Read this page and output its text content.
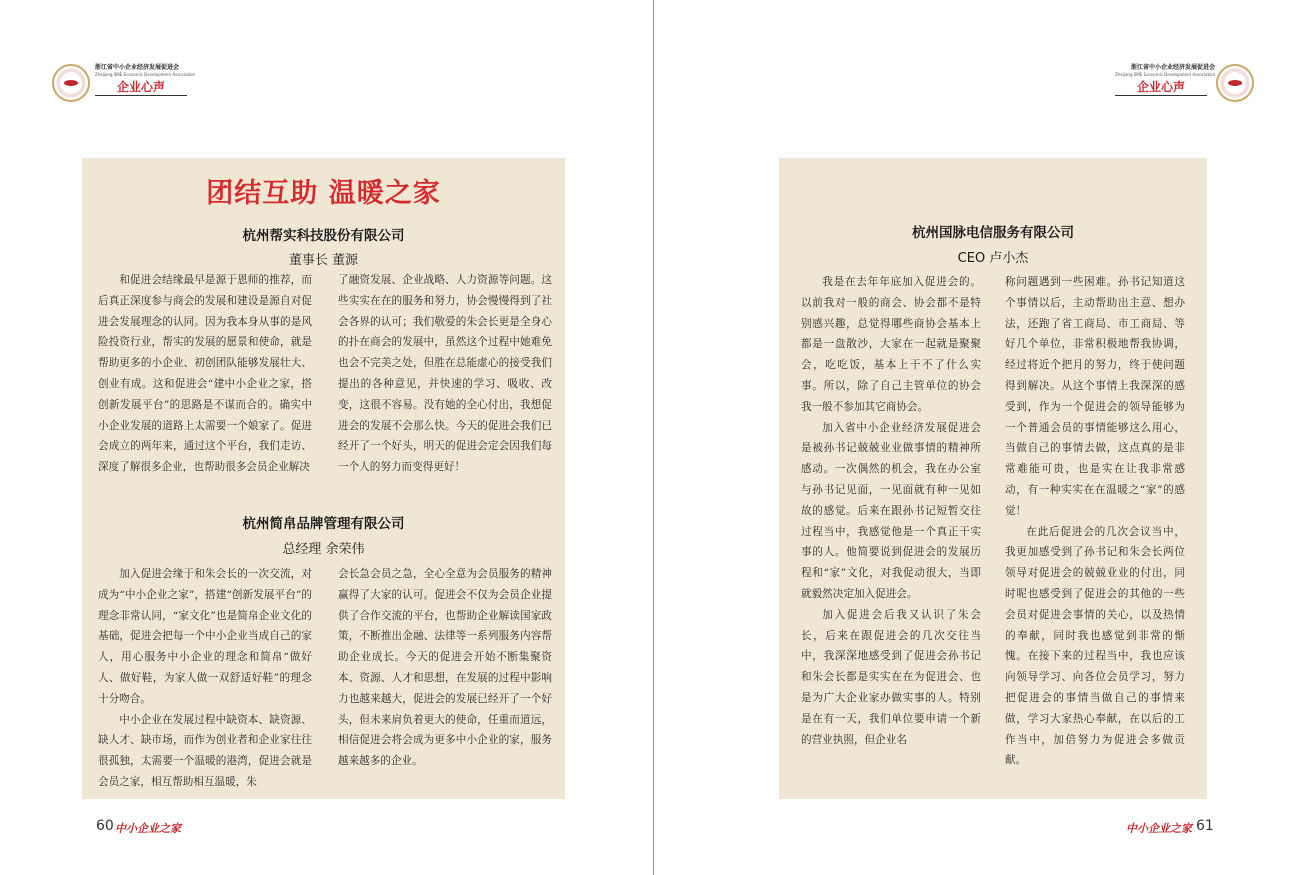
浙江省中小企业经济发展促进会
Zhejiang SME Economic Development Association
企业心声
浙江省中小企业经济发展促进会
Zhejiang SME Economic Development Association
企业心声
团结互助 温暖之家
杭州帮实科技股份有限公司
董事长 董源

和促进会结缘最早是源于恩师的推荐，而后真正深度参与商会的发展和建设是源自对促进会发展理念的认同。因为我本身从事的是风险投资行业，帮实的发展的愿景和使命，就是帮助更多的小企业、初创团队能够发展壮大、创业有成。这和促进会“建中小企业之家，搭创新发展平台”的思路是不谋而合的。确实中小企业发展的道路上太需要一个娘家了。促进会成立的两年来，通过这个平台，我们走访、深度了解很多企业，也帮助很多会员企业解决

了融资发展、企业战略、人力资源等问题。这些实实在在的服务和努力，协会慢慢得到了社会各界的认可；我们敬爱的朱会长更是全身心的扑在商会的发展中，虽然这个过程中她难免也会不完美之处，但胜在总能虚心的接受我们提出的各种意见，并快速的学习、吸收、改变，这很不容易。没有她的全心付出，我想促进会的发展不会那么快。今天的促进会我们已经开了一个好头，明天的促进会定会因我们每一个人的努力而变得更好！

杭州简帛品牌管理有限公司
总经理 余荣伟

加入促进会缘于和朱会长的一次交流，对成为“中小企业之家”，搭建“创新发展平台”的理念非常认同，“家文化”也是简帛企业文化的基础，促进会把每一个中小企业当成自己的家人，用心服务中小企业的理念和简帛“做好人、做好鞋，为家人做一双舒适好鞋”的理念十分吻合。

中小企业在发展过程中缺资本、缺资源、缺人才、缺市场，而作为创业者和企业家往往很孤独，太需要一个温暖的港湾，促进会就是会员之家，相互帮助相互温暖，朱

会长急会员之急，全心全意为会员服务的精神赢得了大家的认可。促进会不仅为会员企业提供了合作交流的平台，也帮助企业解读国家政策，不断推出金融、法律等一系列服务内容帮助企业成长。今天的促进会开始不断集聚资本、资源、人才和思想，在发展的过程中影响力也越来越大，促进会的发展已经开了一个好头，但未来肩负着更大的使命，任重而道远，相信促进会将会成为更多中小企业的家，服务越来越多的企业。

杭州国脉电信服务有限公司
CEO 卢小杰

我是在去年年底加入促进会的。以前我对一般的商会、协会都不是特别感兴趣，总觉得哪些商协会基本上都是一盘散沙，大家在一起就是聚聚会，吃吃饭，基本上干不了什么实事。所以，除了自己主管单位的协会我一般不参加其它商协会。

加入省中小企业经济发展促进会是被孙书记兢兢业业做事情的精神所感动。一次偶然的机会，我在办公室与孙书记见面，一见面就有种一见如故的感觉。后来在跟孙书记短暂交往过程当中，我感觉他是一个真正干实事的人。他简要说到促进会的发展历程和“家”文化，对我促动很大，当即就毅然决定加入促进会。

加入促进会后我又认识了朱会长，后来在跟促进会的几次交往当中，我深深地感受到了促进会孙书记和朱会长都是实实在在为促进会、也是为广大企业家办做实事的人。特别是在有一天，我们单位要申请一个新的营业执照，但企业名

称问题遇到一些困难。孙书记知道这个事情以后，主动帮助出主意、想办法，还跑了省工商局、市工商局、等好几个单位，非常积极地帮我协调，经过将近个把月的努力，终于使问题得到解决。从这个事情上我深深的感受到，作为一个促进会的领导能够为一个普通会员的事情能够这么用心，当做自己的事情去做，这点真的是非常难能可贵，也是实在让我非常感动，有一种实实在在温暖之“家”的感觉！

在此后促进会的几次会议当中，我更加感受到了孙书记和朱会长两位领导对促进会的兢兢业业的付出，同时呢也感受到了促进会的其他的一些会员对促进会事情的关心，以及热情的奉献，同时我也感觉到非常的惭愧。在接下来的过程当中，我也应该向领导学习、向各位会员学习，努力把促进会的事情当做自己的事情来做，学习大家热心奉献，在以后的工作当中，加倍努力为促进会多做贡献。

60 中小企业之家	中小企业之家 61
